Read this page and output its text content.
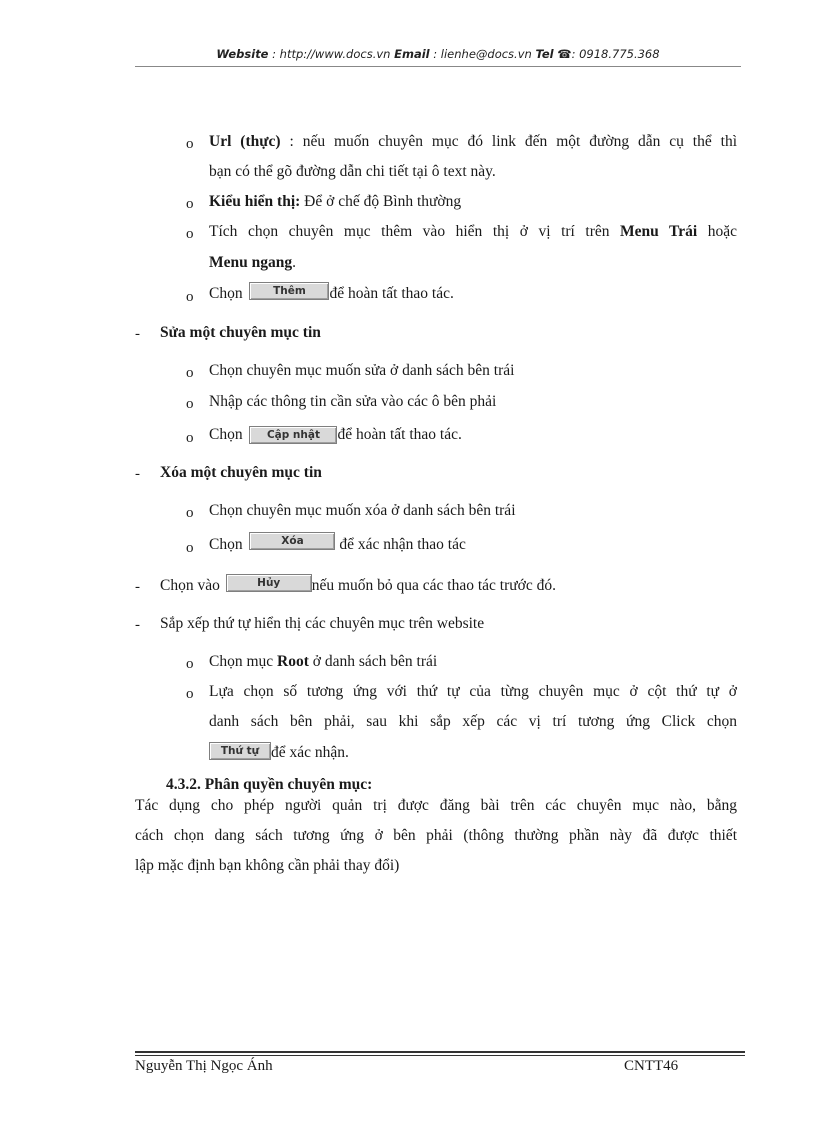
Website : http://www.docs.vn Email : lienhe@docs.vn Tel ☎: 0918.775.368
o Url (thực) : nếu muốn chuyên mục đó link đến một đường dẫn cụ thể thì
bạn có thể gõ đường dẫn chi tiết tại ô text này.
o Kiểu hiển thị: Để ở chế độ Bình thường
o Tích chọn chuyên mục thêm vào hiển thị ở vị trí trên Menu Trái hoặc
Menu ngang.
o Chọn	Thêm để hoàn tất thao tác.
- Sửa một chuyên mục tin
o Chọn chuyên mục muốn sửa ở danh sách bên trái
o Nhập các thông tin cần sửa vào các ô bên phải
o Chọn Cập nhật để hoàn tất thao tác.
- Xóa một chuyên mục tin
o Chọn chuyên mục muốn xóa ở danh sách bên trái
o Chọn	Xóa để xác nhận thao tác
- Chọn vào	Hủy nếu muốn bỏ qua các thao tác trước đó.
- Sắp xếp thứ tự hiển thị các chuyên mục trên website
o Chọn mục Root ở danh sách bên trái
o Lựa chọn số tương ứng với thứ tự của từng chuyên mục ở cột thứ tự ở
danh sách bên phải, sau khi sắp xếp các vị trí tương ứng Click chọn
Thứ tự để xác nhận.
4.3.2. Phân quyền chuyên mục:
Tác dụng cho phép người quản trị được đăng bài trên các chuyên mục nào, bằng
cách chọn dang sách tương ứng ở bên phải (thông thường phần này đã được thiết
lập mặc định bạn không cần phải thay đổi)
Nguyễn Thị Ngọc Ánh	CNTT46
